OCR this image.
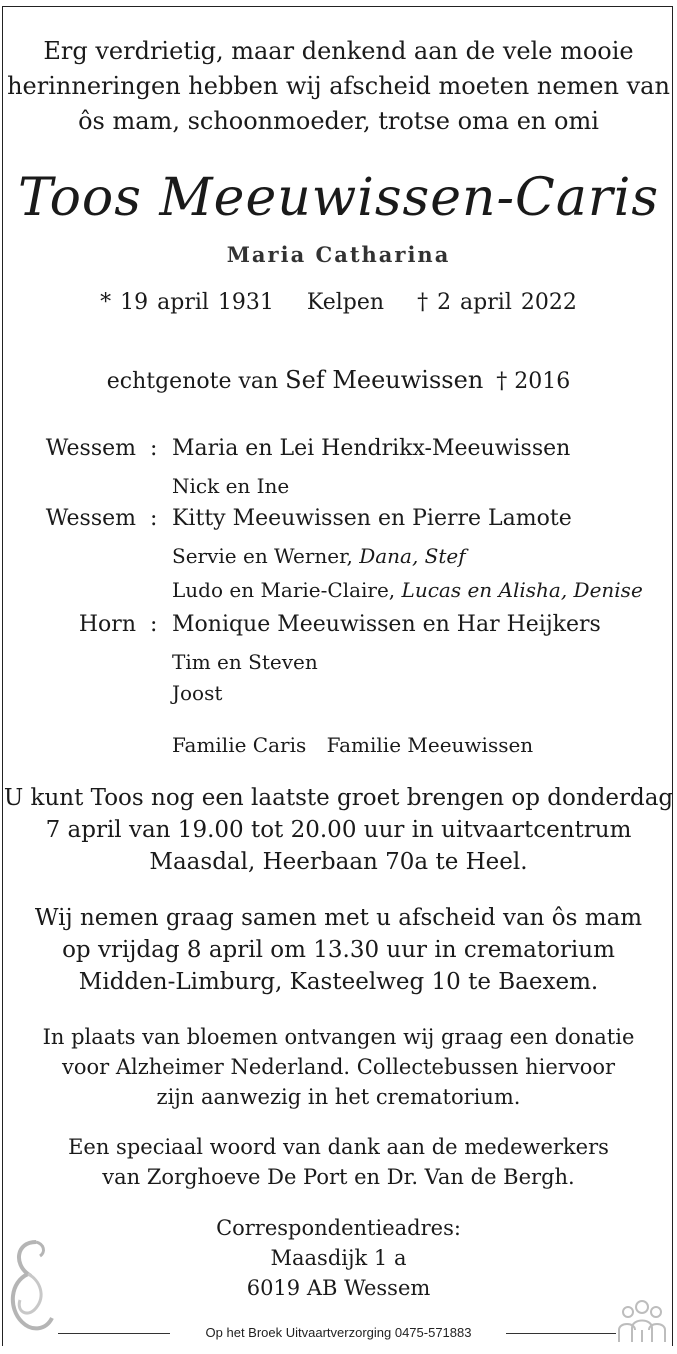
Erg verdrietig, maar denkend aan de vele mooie
herinneringen hebben wij afscheid moeten nemen van
ôs mam, schoonmoeder, trotse oma en omi
Toos Meeuwissen-Caris
Maria Catharina
* 19 april 1931 Kelpen † 2 april 2022
echtgenote van Sef Meeuwissen † 2016
Wessem : Maria en Lei Hendrikx-Meeuwissen
Nick en Ine
Wessem : Kitty Meeuwissen en Pierre Lamote
Servie en Werner, Dana, Stef
Ludo en Marie-Claire, Lucas en Alisha, Denise
Horn : Monique Meeuwissen en Har Heijkers
Tim en Steven
Joost
Familie Caris Familie Meeuwissen
U kunt Toos nog een laatste groet brengen op donderdag
7 april van 19.00 tot 20.00 uur in uitvaartcentrum
Maasdal, Heerbaan 70a te Heel.
Wij nemen graag samen met u afscheid van ôs mam
op vrijdag 8 april om 13.30 uur in crematorium
Midden-Limburg, Kasteelweg 10 te Baexem.
In plaats van bloemen ontvangen wij graag een donatie
voor Alzheimer Nederland. Collectebussen hiervoor
zijn aanwezig in het crematorium.
Een speciaal woord van dank aan de medewerkers
van Zorghoeve De Port en Dr. Van de Bergh.
Correspondentieadres:
Maasdijk 1 a
6019 AB Wessem
Op het Broek Uitvaartverzorging 0475-571883
